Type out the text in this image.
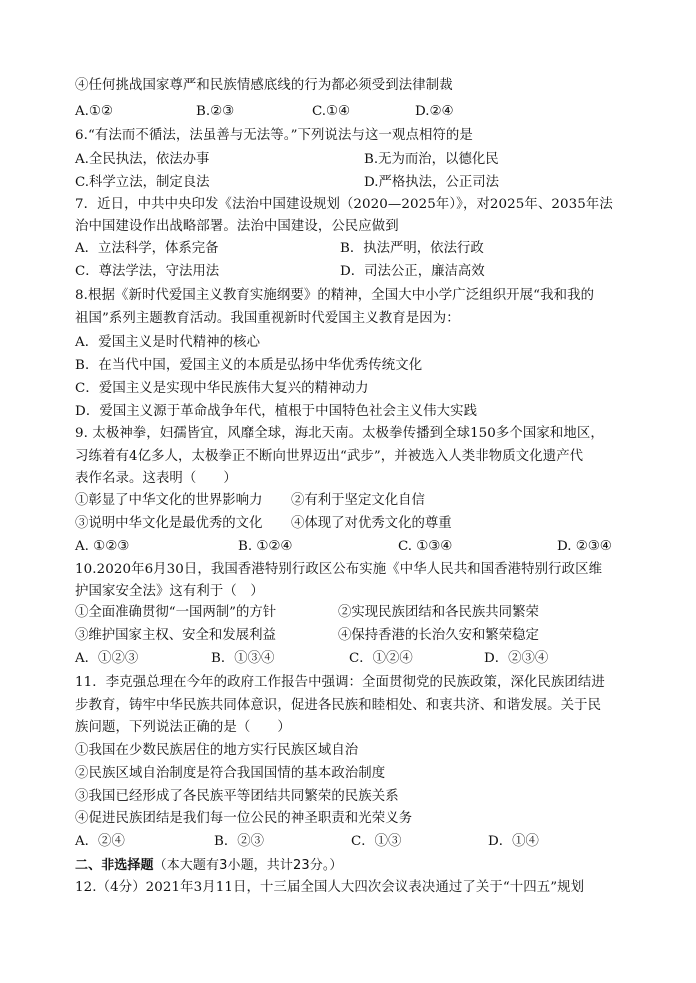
④任何挑战国家尊严和民族情感底线的行为都必须受到法律制裁
A.①②	B.②③	C.①④	D.②④
6.“有法而不循法，法虽善与无法等。”下列说法与这一观点相符的是
A.全民执法，依法办事	B.无为而治，以德化民
C.科学立法，制定良法	D.严格执法，公正司法
7．近日，中共中央印发《法治中国建设规划（2020—2025年）》，对2025年、2035年法
治中国建设作出战略部署。法治中国建设，公民应做到
A．立法科学，体系完备	B．执法严明，依法行政
C．尊法学法，守法用法	D．司法公正，廉洁高效
8.根据《新时代爱国主义教育实施纲要》的精神，全国大中小学广泛组织开展“我和我的
祖国”系列主题教育活动。我国重视新时代爱国主义教育是因为：
A．爱国主义是时代精神的核心
B．在当代中国，爱国主义的本质是弘扬中华优秀传统文化
C．爱国主义是实现中华民族伟大复兴的精神动力
D．爱国主义源于革命战争年代，植根于中国特色社会主义伟大实践
9. 太极神拳，妇孺皆宜，风靡全球，海北天南。太极拳传播到全球150多个国家和地区，
习练着有4亿多人，太极拳正不断向世界迈出“武步”，并被选入人类非物质文化遗产代
表作名录。这表明（　　）
①彰显了中华文化的世界影响力 ②有利于坚定文化自信
③说明中华文化是最优秀的文化 ④体现了对优秀文化的尊重
A. ①②③	B. ①②④	C. ①③④	D. ②③④
10.2020年6月30日，我国香港特别行政区公布实施《中华人民共和国香港特别行政区维
护国家安全法》这有利于（　）
①全面准确贯彻“一国两制”的方针	②实现民族团结和各民族共同繁荣
③维护国家主权、安全和发展利益	④保持香港的长治久安和繁荣稳定
A．①②③	B．①③④	C．①②④	D．②③④
11．李克强总理在今年的政府工作报告中强调：全面贯彻党的民族政策，深化民族团结进
步教育，铸牢中华民族共同体意识，促进各民族和睦相处、和衷共济、和谐发展。关于民
族问题，下列说法正确的是（　　）
①我国在少数民族居住的地方实行民族区域自治
②民族区域自治制度是符合我国国情的基本政治制度
③我国已经形成了各民族平等团结共同繁荣的民族关系
④促进民族团结是我们每一位公民的神圣职责和光荣义务
A．②④	B．②③	C．①③	D．①④
二、非选择题（本大题有3小题，共计23分。）
12.（4分）2021年3月11日，十三届全国人大四次会议表决通过了关于“十四五”规划
